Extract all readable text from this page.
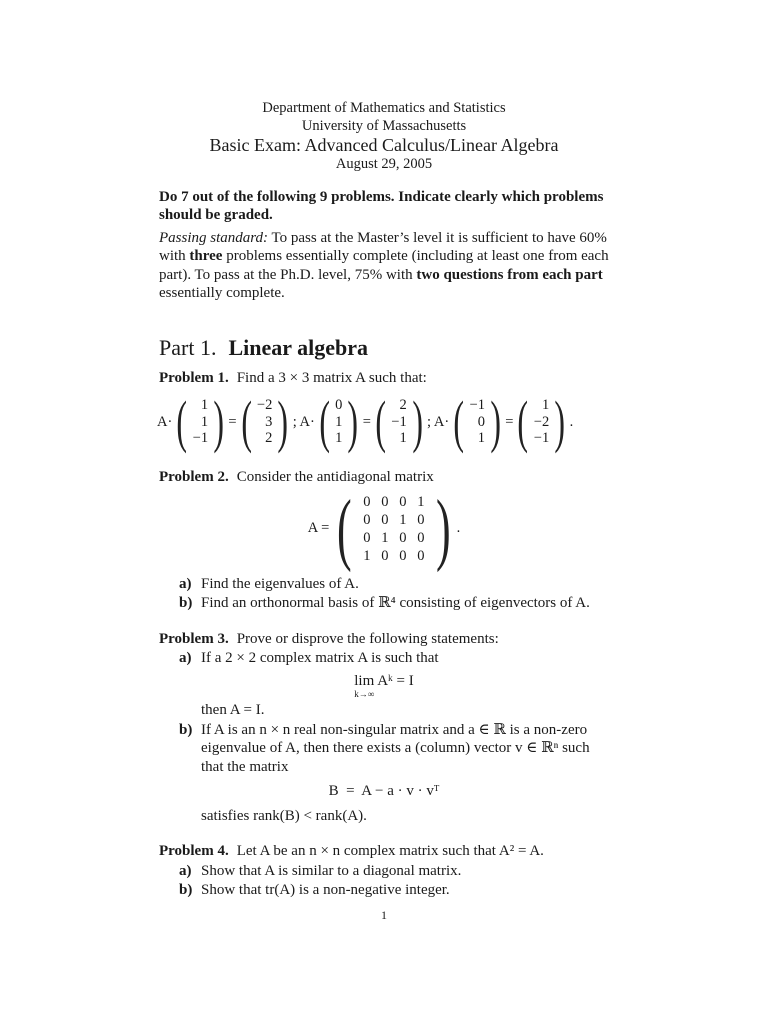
Department of Mathematics and Statistics
University of Massachusetts
Basic Exam: Advanced Calculus/Linear Algebra
August 29, 2005

Do 7 out of the following 9 problems. Indicate clearly which problems should be graded.

Passing standard: To pass at the Master’s level it is sufficient to have 60% with three problems essentially complete (including at least one from each part). To pass at the Ph.D. level, 75% with two questions from each part essentially complete.

Part 1. Linear algebra

Problem 1. Find a 3 × 3 matrix A such that:

A· ( 1
1
−1 ) = ( −2
3
2 ) ; A· ( 0
1
1 ) = ( 2
−1
1 ) ; A· ( −1
0
1 ) = ( 1
−2
−1 ) .

Problem 2. Consider the antidiagonal matrix

A = ( 0 0 0 1
0 0 1 0
0 1 0 0
1 0 0 0 ) .
a) Find the eigenvalues of A.
b) Find an orthonormal basis of ℝ⁴ consisting of eigenvectors of A.

Problem 3. Prove or disprove the following statements:

a) If a 2 × 2 complex matrix A is such that
lim
k→∞
Aᵏ = I
then A = I.
b) If A is an n × n real non-singular matrix and a ∈ ℝ is a non-zero eigenvalue of A, then there exists a (column) vector v ∈ ℝⁿ such that the matrix
B  =  A − a · v · vᵀ
satisfies rank(B) < rank(A).

Problem 4. Let A be an n × n complex matrix such that A² = A.

a) Show that A is similar to a diagonal matrix.
b) Show that tr(A) is a non-negative integer.
1
